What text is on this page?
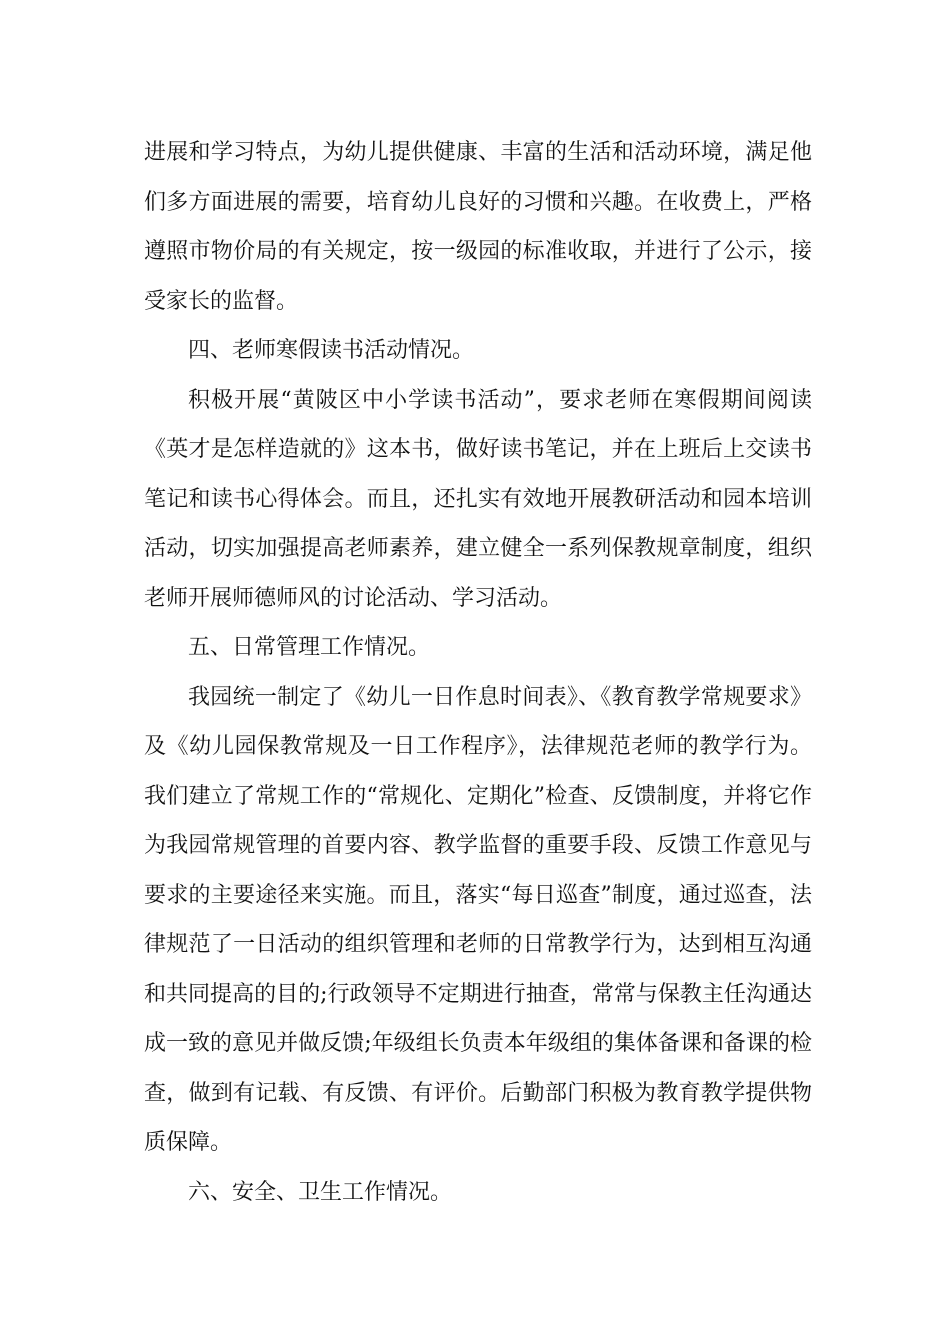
进展和学习特点，为幼儿提供健康、丰富的生活和活动环境，满足他们多方面进展的需要，培育幼儿良好的习惯和兴趣。在收费上，严格遵照市物价局的有关规定，按一级园的标准收取，并进行了公示，接受家长的监督。

四、老师寒假读书活动情况。

积极开展“黄陂区中小学读书活动”，要求老师在寒假期间阅读《英才是怎样造就的》这本书，做好读书笔记，并在上班后上交读书笔记和读书心得体会。而且，还扎实有效地开展教研活动和园本培训活动，切实加强提高老师素养，建立健全一系列保教规章制度，组织老师开展师德师风的讨论活动、学习活动。

五、日常管理工作情况。

我园统一制定了《幼儿一日作息时间表》、《教育教学常规要求》及《幼儿园保教常规及一日工作程序》，法律规范老师的教学行为。我们建立了常规工作的“常规化、定期化”检查、反馈制度，并将它作为我园常规管理的首要内容、教学监督的重要手段、反馈工作意见与要求的主要途径来实施。而且，落实“每日巡查”制度，通过巡查，法律规范了一日活动的组织管理和老师的日常教学行为，达到相互沟通和共同提高的目的;行政领导不定期进行抽查，常常与保教主任沟通达成一致的意见并做反馈;年级组长负责本年级组的集体备课和备课的检查，做到有记载、有反馈、有评价。后勤部门积极为教育教学提供物质保障。

六、安全、卫生工作情况。
